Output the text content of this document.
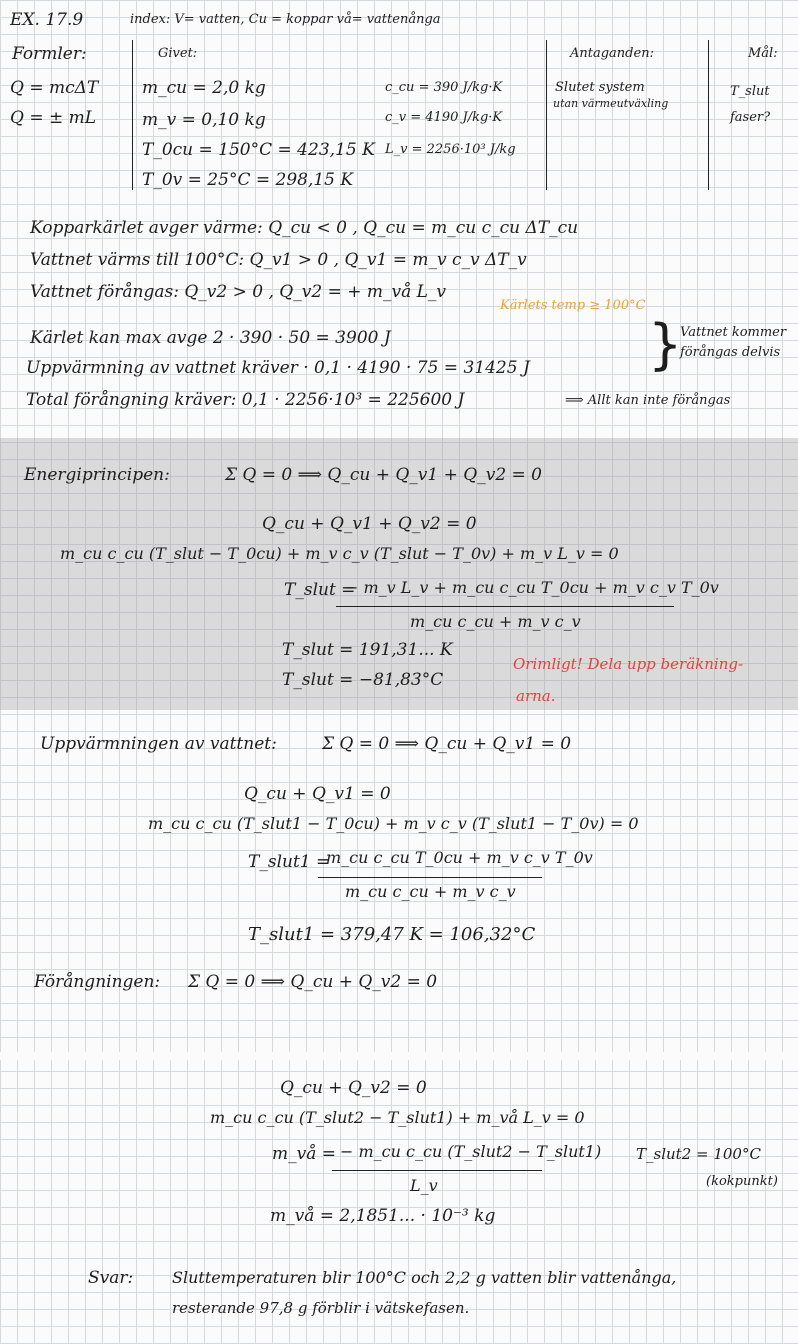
EX. 17.9	index: V= vatten, Cu = koppar vå= vattenånga
Formler:
Q = mcΔT
Q = ± mL
Givet:
m_cu = 2,0 kg
m_v = 0,10 kg
T_0cu = 150°C = 423,15 K
T_0v = 25°C = 298,15 K
c_cu = 390 J/kg·K
c_v = 4190 J/kg·K
L_v = 2256·10³ J/kg
Antaganden:
Slutet system
utan värmeutväxling
Mål:
T_slut
faser?
Kopparkärlet avger värme: Q_cu < 0 , Q_cu = m_cu c_cu ΔT_cu
Vattnet värms till 100°C: Q_v1 > 0 , Q_v1 = m_v c_v ΔT_v
Vattnet förångas: Q_v2 > 0 , Q_v2 = + m_vå L_v
Kärlets temp ≥ 100°C
Kärlet kan max avge 2 · 390 · 50 = 3900 J
Uppvärmning av vattnet kräver · 0,1 · 4190 · 75 = 31425 J
Total förångning kräver: 0,1 · 2256·10³ = 225600 J	⟹ Allt kan inte förångas
}
Vattnet kommer
förångas delvis
Energiprincipen:	Σ Q = 0 ⟹ Q_cu + Q_v1 + Q_v2 = 0
Q_cu + Q_v1 + Q_v2 = 0
m_cu c_cu (T_slut − T_0cu) + m_v c_v (T_slut − T_0v) + m_v L_v = 0
T_slut =
− m_v L_v + m_cu c_cu T_0cu + m_v c_v T_0v
m_cu c_cu + m_v c_v
T_slut = 191,31... K
T_slut = −81,83°C
Orimligt! Dela upp beräkning-
arna.
Uppvärmningen av vattnet:	Σ Q = 0 ⟹ Q_cu + Q_v1 = 0
Q_cu + Q_v1 = 0
m_cu c_cu (T_slut1 − T_0cu) + m_v c_v (T_slut1 − T_0v) = 0
T_slut1 =
m_cu c_cu T_0cu + m_v c_v T_0v
m_cu c_cu + m_v c_v
T_slut1 = 379,47 K = 106,32°C
Förångningen: Σ Q = 0 ⟹ Q_cu + Q_v2 = 0
Q_cu + Q_v2 = 0
m_cu c_cu (T_slut2 − T_slut1) + m_vå L_v = 0
m_vå = − m_cu c_cu (T_slut2 − T_slut1)
L_v
m_vå = 2,1851... · 10⁻³ kg
T_slut2 = 100°C
(kokpunkt)
Svar: Sluttemperaturen blir 100°C och 2,2 g vatten blir vattenånga,
resterande 97,8 g förblir i vätskefasen.
